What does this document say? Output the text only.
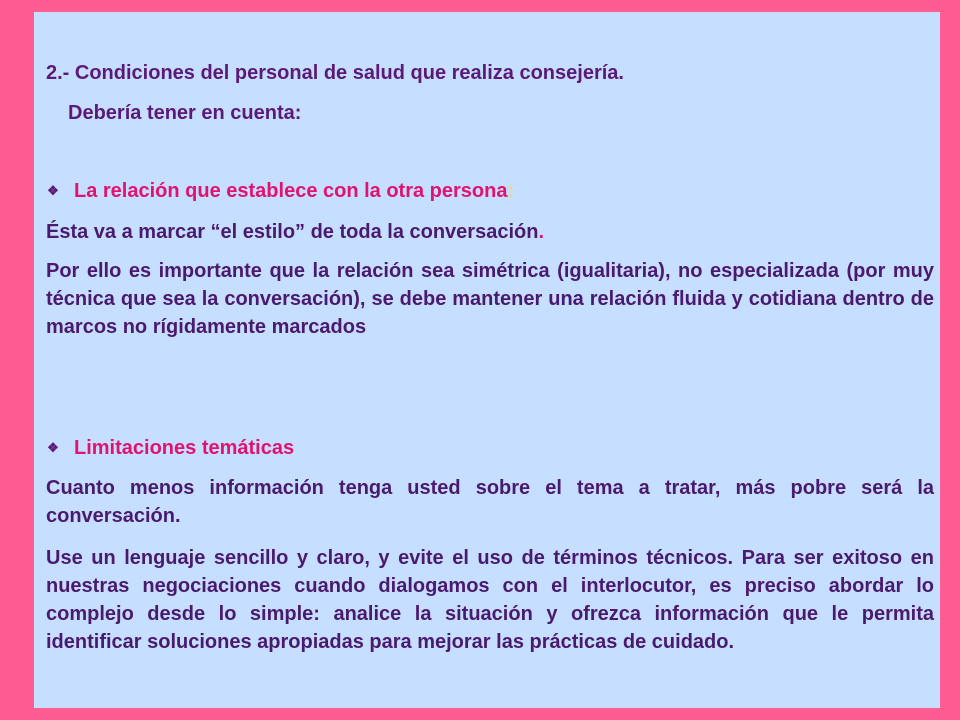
2.- Condiciones del personal de salud que realiza consejería.
Debería tener en cuenta:
❖ La relación que establece con la otra persona :
Ésta va a marcar “el estilo” de toda la conversación.
Por ello es importante que la relación sea simétrica (igualitaria), no especializada (por muy técnica que sea la conversación), se debe mantener una relación fluida y cotidiana dentro de marcos no rígidamente marcados
❖ Limitaciones temáticas
Cuanto menos información tenga usted sobre el tema a tratar, más pobre será la conversación.
Use un lenguaje sencillo y claro, y evite el uso de términos técnicos. Para ser exitoso en nuestras negociaciones cuando dialogamos con el interlocutor, es preciso abordar lo complejo desde lo simple: analice la situación y ofrezca información que le permita identificar soluciones apropiadas para mejorar las prácticas de cuidado.
